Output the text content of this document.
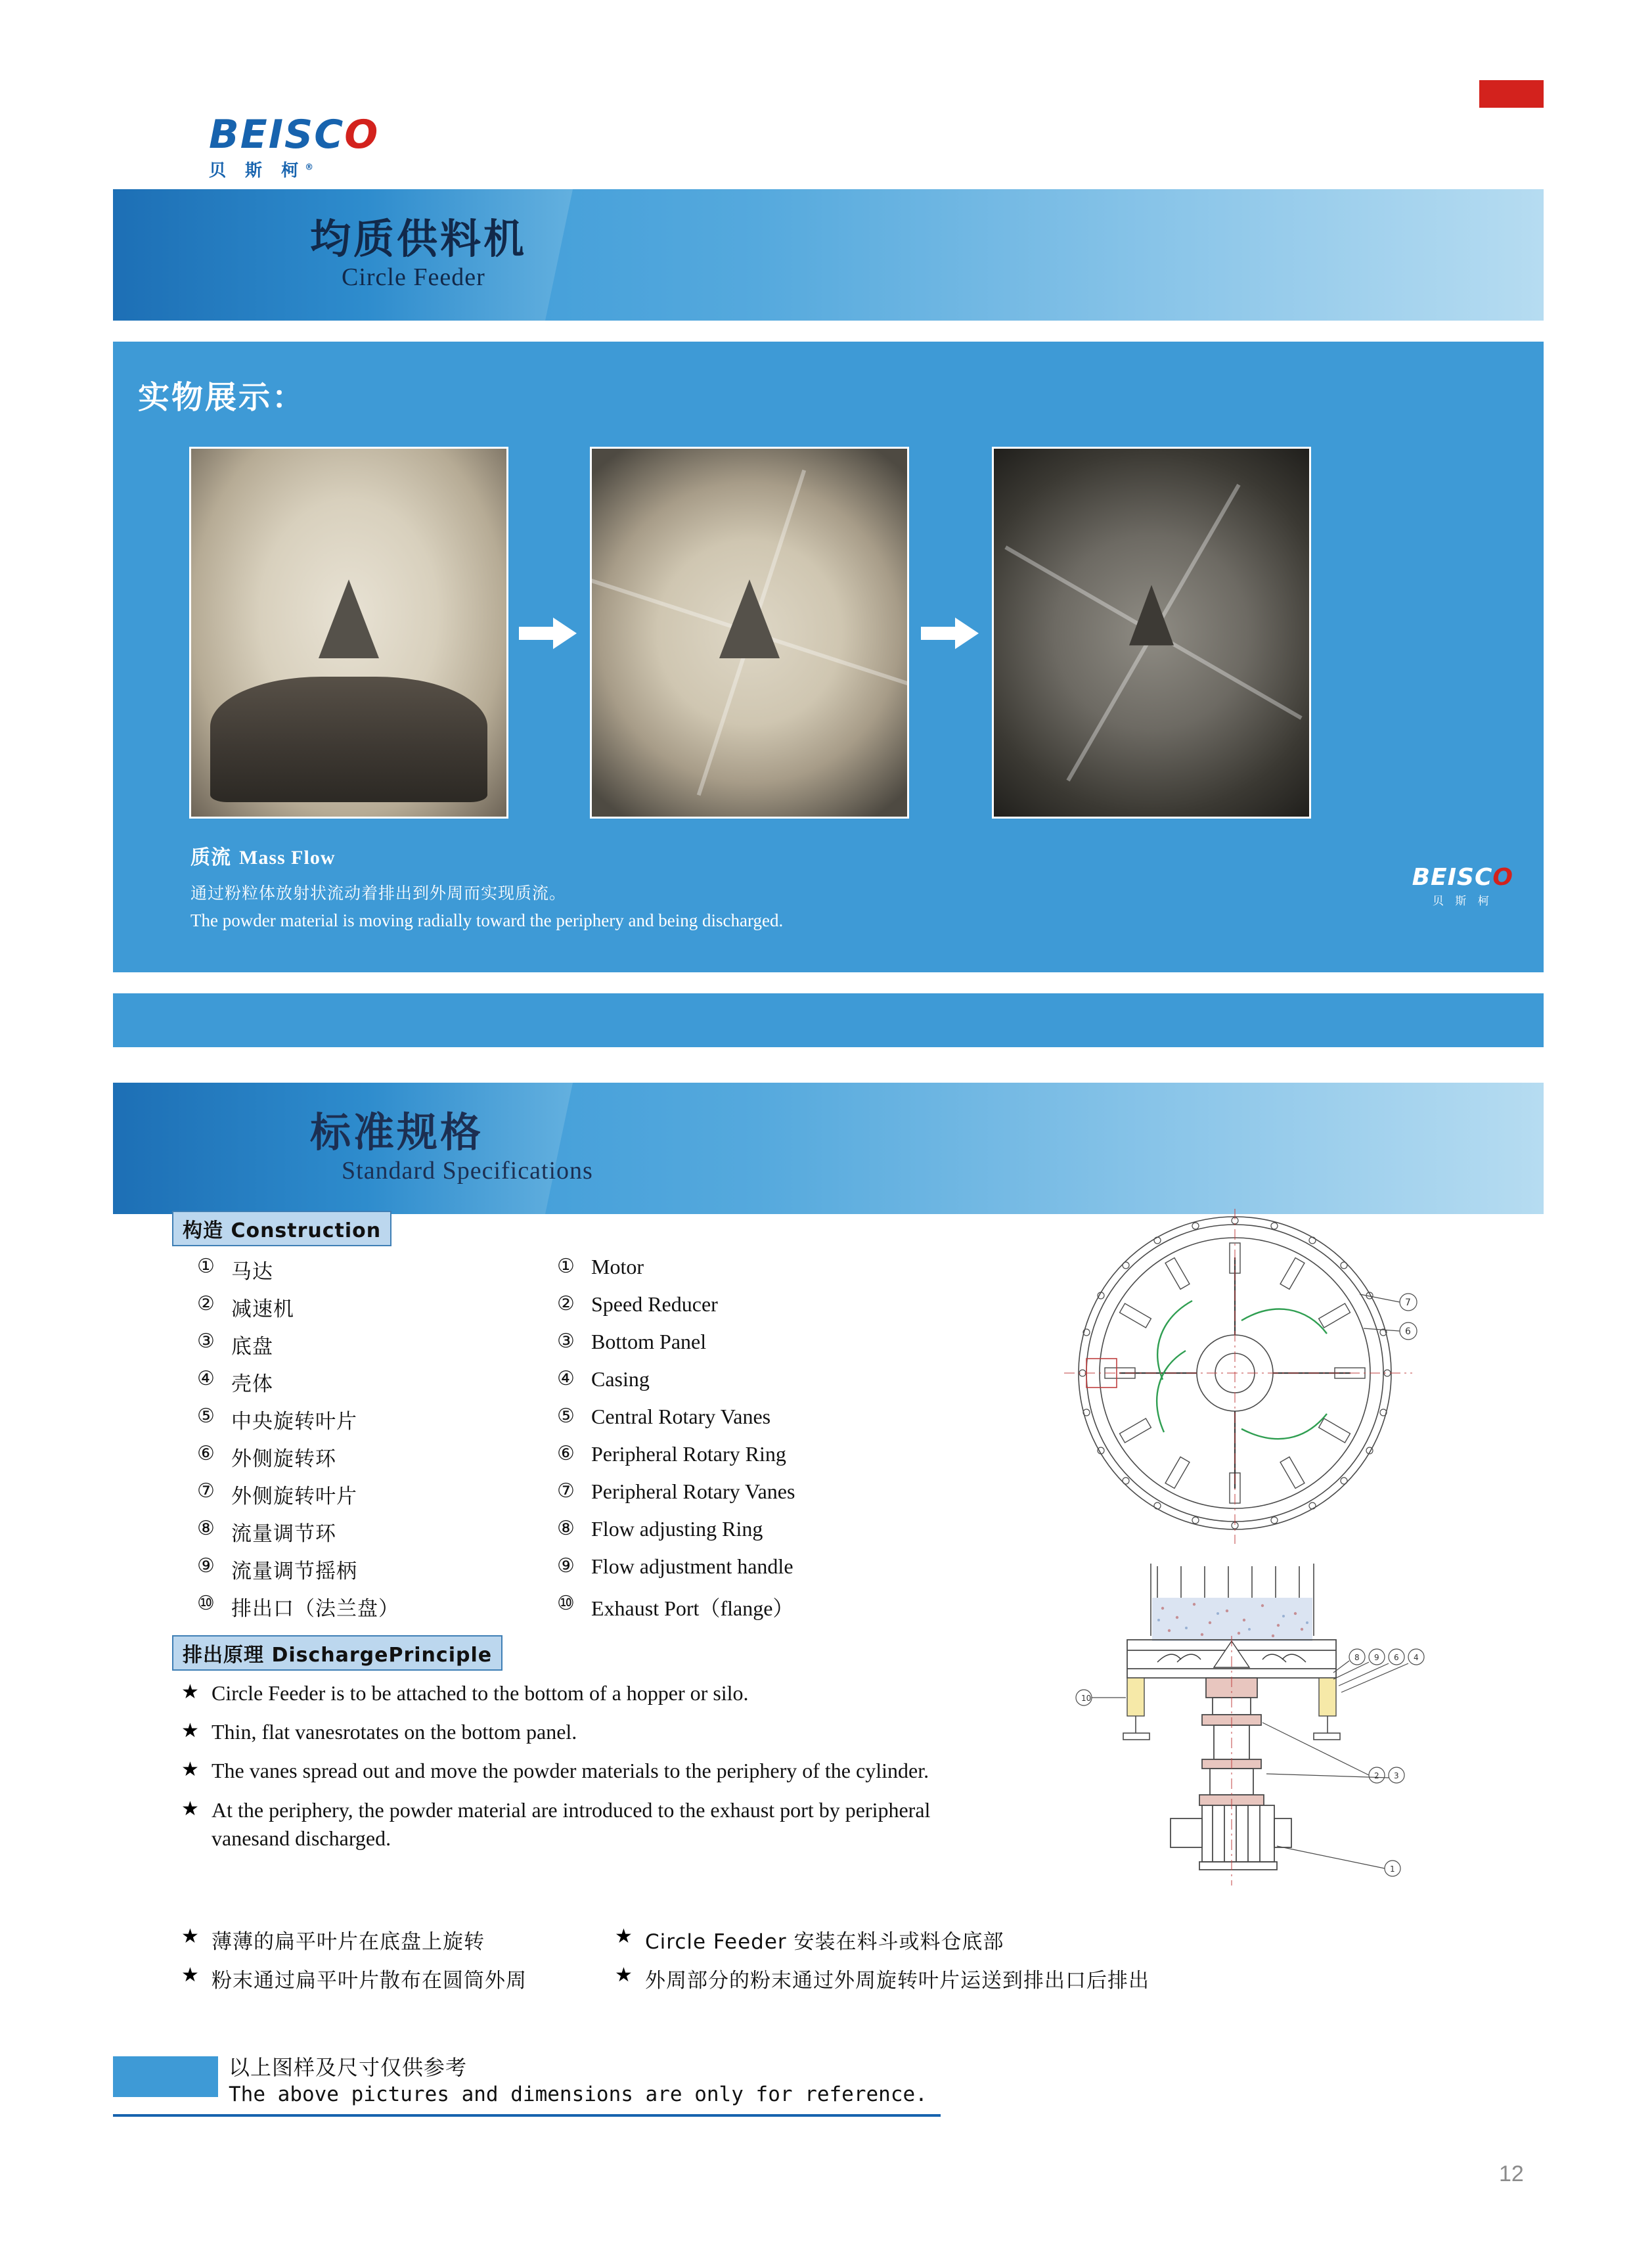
BEISCO
贝 斯 柯®
均质供料机
Circle Feeder
实物展示：
质流 Mass Flow
通过粉粒体放射状流动着排出到外周而实现质流。
The powder material is moving radially toward the periphery and being discharged.
BEISCO
贝 斯 柯
标准规格
Standard Specifications
构造 Construction
① 马达
② 减速机
③ 底盘
④ 壳体
⑤ 中央旋转叶片
⑥ 外侧旋转环
⑦ 外侧旋转叶片
⑧ 流量调节环
⑨ 流量调节摇柄
⑩ 排出口（法兰盘）
① Motor
② Speed Reducer
③ Bottom Panel
④ Casing
⑤ Central Rotary Vanes
⑥ Peripheral Rotary Ring
⑦ Peripheral Rotary Vanes
⑧ Flow adjusting Ring
⑨ Flow adjustment handle
⑩ Exhaust Port（flange）
排出原理 DischargePrinciple
★ Circle Feeder is to be attached to the bottom of a hopper or silo.
★ Thin, flat vanesrotates on the bottom panel.
★ The vanes spread out and move the powder materials to the periphery of the cylinder.
★ At the periphery, the powder material are introduced to the exhaust port by peripheral vanesand discharged.
★ 薄薄的扁平叶片在底盘上旋转	★ Circle Feeder 安装在料斗或料仓底部
★ 粉末通过扁平叶片散布在圆筒外周	★ 外周部分的粉末通过外周旋转叶片运送到排出口后排出
7
6
8 9 6 4
10
2 3
1
以上图样及尺寸仅供参考
The above pictures and dimensions are only for reference.
12
